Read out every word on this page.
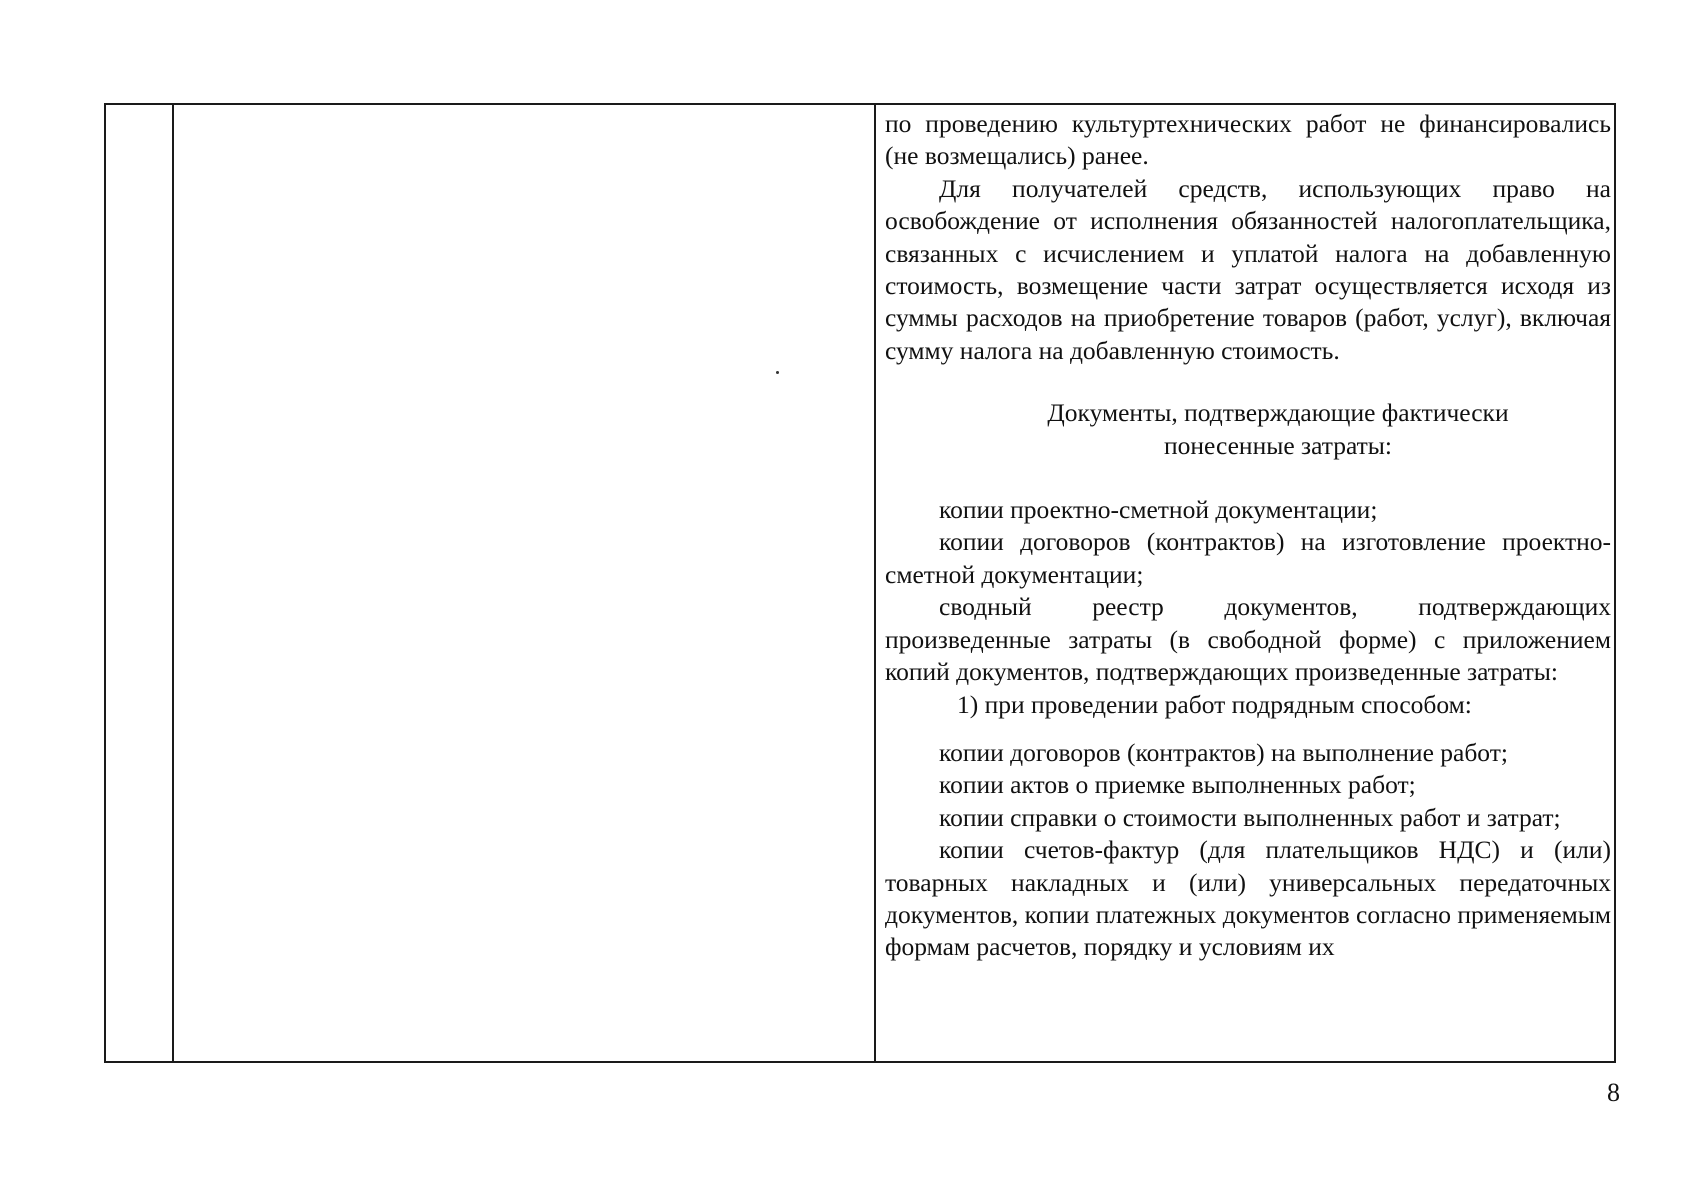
по проведению культуртехнических работ не финансировались (не возмещались) ранее.

Для получателей средств, использующих право на освобождение от исполнения обязанностей налогоплательщика, связанных с исчислением и уплатой налога на добавленную стоимость, возмещение части затрат осуществляется исходя из суммы расходов на приобретение товаров (работ, услуг), включая сумму налога на добавленную стоимость.

Документы, подтверждающие фактически понесенные затраты:

копии проектно-сметной документации;

копии договоров (контрактов) на изготовление проектно-сметной документации;

сводный реестр документов, подтверждающих произведенные затраты (в свободной форме) с приложением копий документов, подтверждающих произведенные затраты:

1) при проведении работ подрядным способом:

копии договоров (контрактов) на выполнение работ;

копии актов о приемке выполненных работ;

копии справки о стоимости выполненных работ и затрат;

копии счетов-фактур (для плательщиков НДС) и (или) товарных накладных и (или) универсальных передаточных документов, копии платежных документов согласно применяемым формам расчетов, порядку и условиям их

8
